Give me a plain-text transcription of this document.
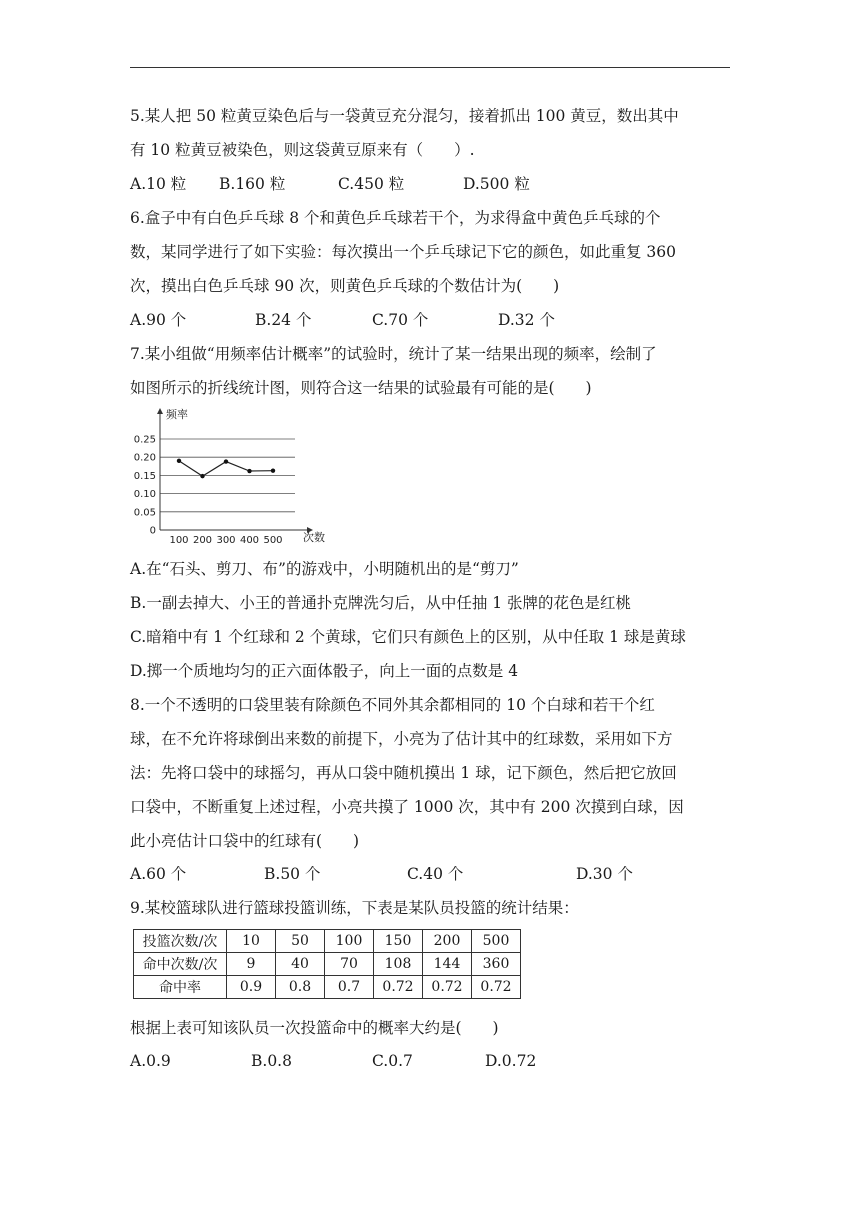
5.某人把 50 粒黄豆染色后与一袋黄豆充分混匀，接着抓出 100 黄豆，数出其中
有 10 粒黄豆被染色，则这袋黄豆原来有（　　）.
A.10 粒 B.160 粒	C.450 粒	D.500 粒
6.盒子中有白色乒乓球 8 个和黄色乒乓球若干个，为求得盒中黄色乒乓球的个
数，某同学进行了如下实验：每次摸出一个乒乓球记下它的颜色，如此重复 360
次，摸出白色乒乓球 90 次，则黄色乒乓球的个数估计为(　　)
A.90 个	B.24 个	C.70 个	D.32 个
7.某小组做“用频率估计概率”的试验时，统计了某一结果出现的频率，绘制了
如图所示的折线统计图，则符合这一结果的试验最有可能的是(　　)
频率
次数
0
0.05
0.10
0.15
0.20
0.25
100 200 300 400 500
A.在“石头、剪刀、布”的游戏中，小明随机出的是“剪刀”
B.一副去掉大、小王的普通扑克牌洗匀后，从中任抽 1 张牌的花色是红桃
C.暗箱中有 1 个红球和 2 个黄球，它们只有颜色上的区别，从中任取 1 球是黄球
D.掷一个质地均匀的正六面体骰子，向上一面的点数是 4
8.一个不透明的口袋里装有除颜色不同外其余都相同的 10 个白球和若干个红
球，在不允许将球倒出来数的前提下，小亮为了估计其中的红球数，采用如下方
法：先将口袋中的球摇匀，再从口袋中随机摸出 1 球，记下颜色，然后把它放回
口袋中，不断重复上述过程，小亮共摸了 1000 次，其中有 200 次摸到白球，因
此小亮估计口袋中的红球有(　　)
A.60 个	B.50 个	C.40 个	D.30 个
9.某校篮球队进行篮球投篮训练，下表是某队员投篮的统计结果：
投篮次数/次	10	50	100	150	200	500
命中次数/次	9	40	70	108	144	360
命中率	0.9	0.8	0.7	0.72	0.72	0.72
根据上表可知该队员一次投篮命中的概率大约是(　　)
A.0.9	B.0.8	C.0.7	D.0.72
